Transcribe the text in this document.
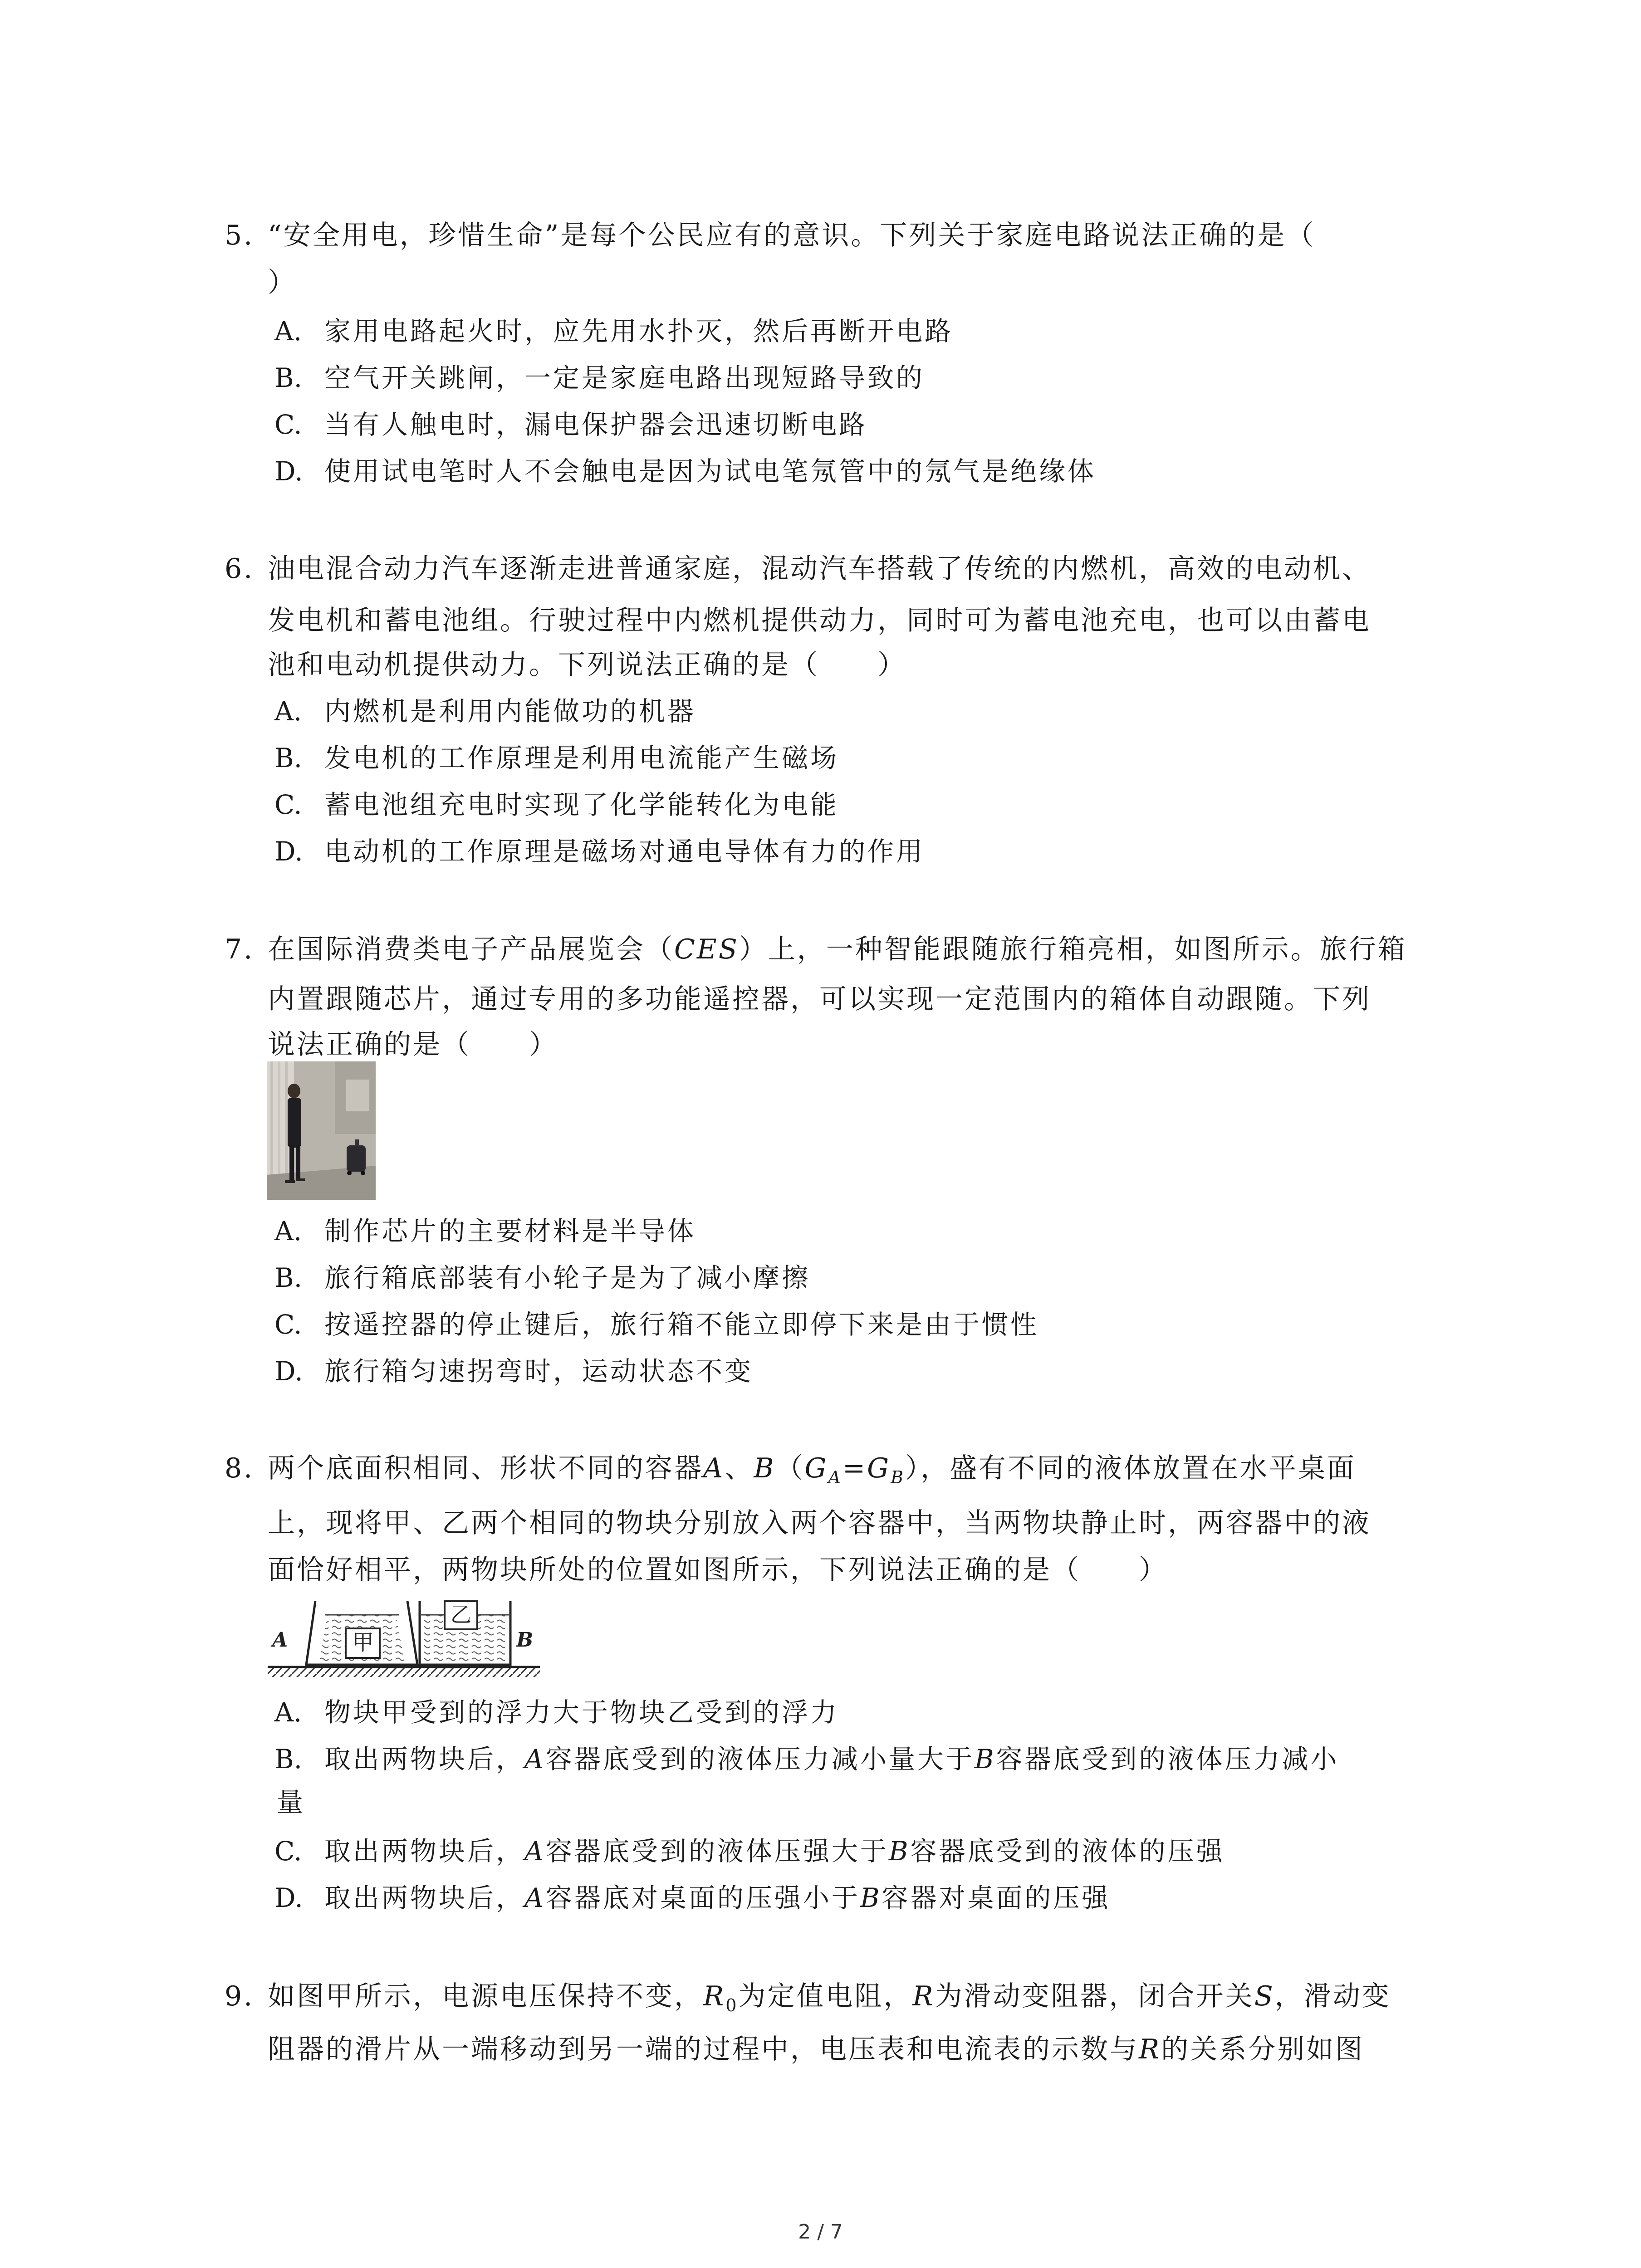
5. “安全用电，珍惜生命”是每个公民应有的意识。下列关于家庭电路说法正确的是（
）
A. 家用电路起火时，应先用水扑灭，然后再断开电路
B. 空气开关跳闸，一定是家庭电路出现短路导致的
C. 当有人触电时，漏电保护器会迅速切断电路
D. 使用试电笔时人不会触电是因为试电笔氖管中的氖气是绝缘体
6. 油电混合动力汽车逐渐走进普通家庭，混动汽车搭载了传统的内燃机，高效的电动机、
发电机和蓄电池组。行驶过程中内燃机提供动力，同时可为蓄电池充电，也可以由蓄电
池和电动机提供动力。下列说法正确的是（　　）
A. 内燃机是利用内能做功的机器
B. 发电机的工作原理是利用电流能产生磁场
C. 蓄电池组充电时实现了化学能转化为电能
D. 电动机的工作原理是磁场对通电导体有力的作用
7. 在国际消费类电子产品展览会（CES）上，一种智能跟随旅行箱亮相，如图所示。旅行箱
内置跟随芯片，通过专用的多功能遥控器，可以实现一定范围内的箱体自动跟随。下列
说法正确的是（　　）
A. 制作芯片的主要材料是半导体
B. 旅行箱底部装有小轮子是为了减小摩擦
C. 按遥控器的停止键后，旅行箱不能立即停下来是由于惯性
D. 旅行箱匀速拐弯时，运动状态不变
8. 两个底面积相同、形状不同的容器A、$B(G_A=G_B)$，盛有不同的液体放置在水平桌面
上，现将甲、乙两个相同的物块分别放入两个容器中，当两物块静止时，两容器中的液
面恰好相平，两物块所处的位置如图所示，下列说法正确的是（　　）
甲
乙
A	B
A. 物块甲受到的浮力大于物块乙受到的浮力
B. 取出两物块后，A容器底受到的液体压力减小量大于B容器底受到的液体压力减小
量
C. 取出两物块后，A容器底受到的液体压强大于B容器底受到的液体的压强
D. 取出两物块后，A容器底对桌面的压强小于B容器对桌面的压强
9. 如图甲所示，电源电压保持不变，$R_0$为定值电阻，R为滑动变阻器，闭合开关S，滑动变
阻器的滑片从一端移动到另一端的过程中，电压表和电流表的示数与R的关系分别如图
2 / 7
